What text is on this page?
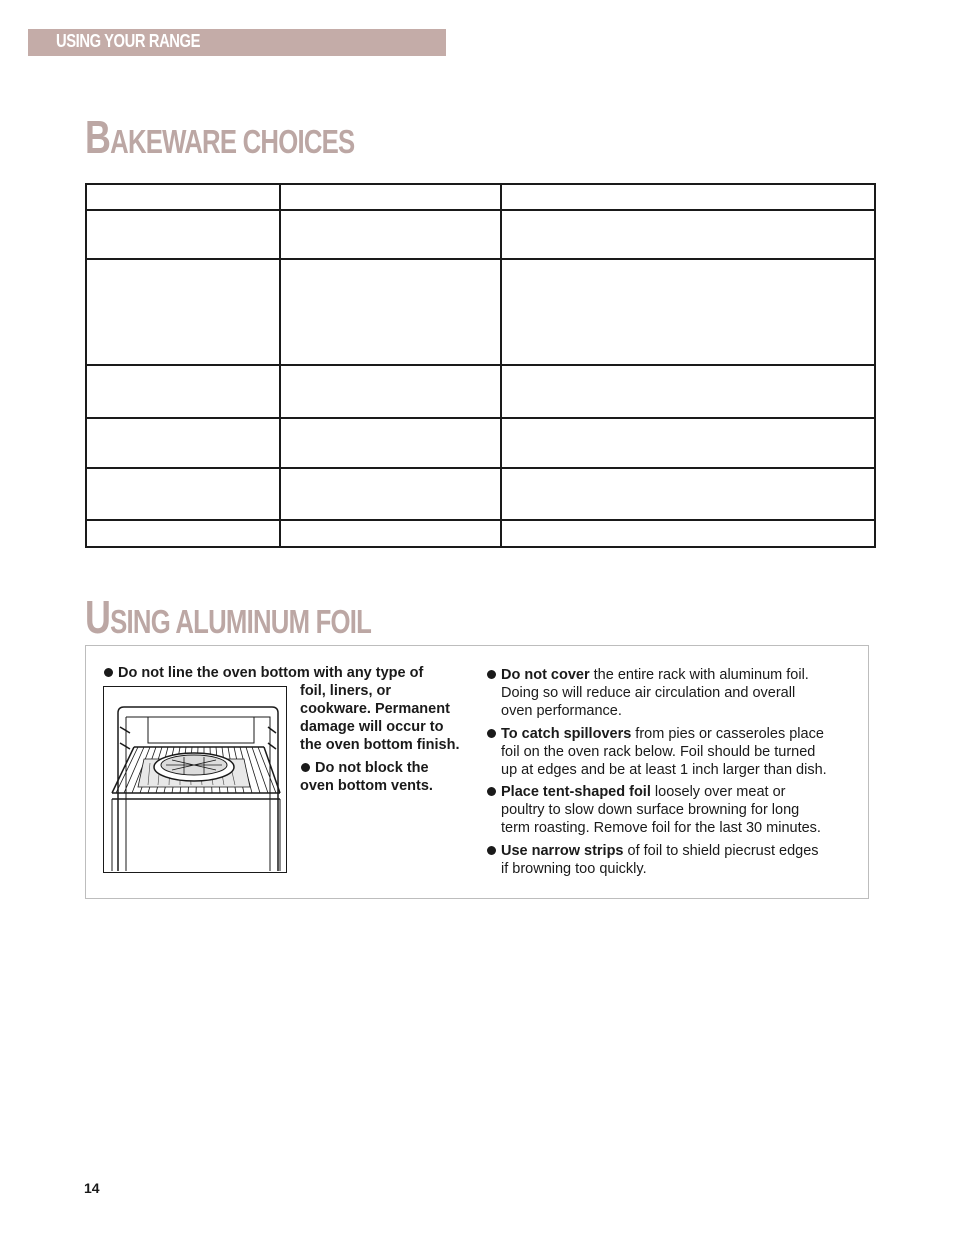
USING YOUR RANGE
BAKEWARE CHOICES

USING ALUMINUM FOIL
Do not line the oven bottom with any type of
foil, liners, or
cookware. Permanent
damage will occur to
the oven bottom finish.
Do not block the
oven bottom vents.
Do not cover the entire rack with aluminum foil.
Doing so will reduce air circulation and overall
oven performance.
To catch spillovers from pies or casseroles place
foil on the oven rack below. Foil should be turned
up at edges and be at least 1 inch larger than dish.
Place tent-shaped foil loosely over meat or
poultry to slow down surface browning for long
term roasting. Remove foil for the last 30 minutes.
Use narrow strips of foil to shield piecrust edges
if browning too quickly.
14
